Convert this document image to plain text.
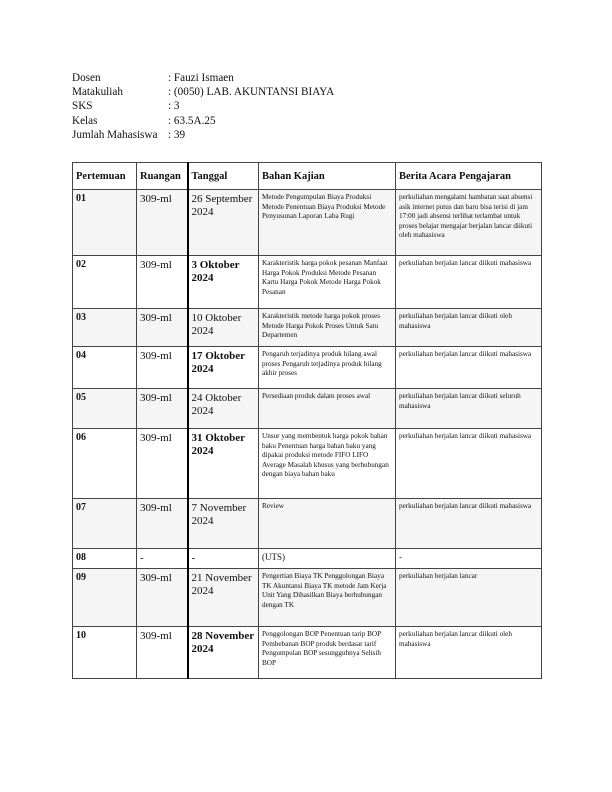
Dosen	: Fauzi Ismaen
Matakuliah	: (0050) LAB. AKUNTANSI BIAYA
SKS	: 3
Kelas	: 63.5A.25
Jumlah Mahasiswa : 39
Pertemuan	Ruangan	Tanggal	Bahan Kajian	Berita Acara Pengajaran
01	309-ml	26 September 2024	Metode Pengumpulan Biaya Produksi Metode Penentuan Biaya Produksi Metode Penyusunan Laporan Laba Rugi	perkuliahan mengalami hambatan saat absensi asik internet putus dan baru bisa terisi di jam 17:00 jadi absensi terlihat terlambat untuk proses belajar mengajar berjalan lancar diikuti oleh mahasiswa
02	309-ml	3 Oktober 2024	Karakteristik harga pokok pesanan Manfaat Harga Pokok Produksi Metode Pesanan Kartu Harga Pokok Metode Harga Pokok Pesanan	perkuliahan berjalan lancar diikuti mahasiswa
03	309-ml	10 Oktober 2024	Karakteristik metode harga pokok proses Metode Harga Pokok Proses Untuk Satu Departemen	perkuliahan berjalan lancar diikuti oleh mahasiswa
04	309-ml	17 Oktober 2024	Pengaruh terjadinya produk hilang awal proses Pengaruh terjadinya produk hilang akhir proses	perkuliahan berjalan lancar diikuti mahasiswa
05	309-ml	24 Oktober 2024	Persediaan produk dalam proses awal	perkuliahan berjalan lancar diikuti seluruh mahasiswa
06	309-ml	31 Oktober 2024	Unsur yang membentuk harga pokok bahan baku Penentuan harga bahan baku yang dipakai produksi metode FIFO LIFO Average Masalah khusus yang berhubungan dengan biaya bahan baku	perkuliahan berjalan lancar diikuti mahasiswa
07	309-ml	7 November 2024	Review	perkuliahan berjalan lancar diikuti mahasiswa
08	-	-	(UTS)	-
09	309-ml	21 November 2024	Pengertian Biaya TK Penggolongan Biaya TK Akuntansi Biaya TK metode Jam Kerja Unit Yang Dihasilkan Biaya berhubungan dengan TK	perkuliahan berjalan lancar
10	309-ml	28 November 2024	Penggolongan BOP Penentuan tarip BOP Pembebanan BOP produk berdasar tarif Pengumpulan BOP sesungguhnya Selisih BOP	perkuliahan berjalan lancar diikuti oleh mahasiswa
